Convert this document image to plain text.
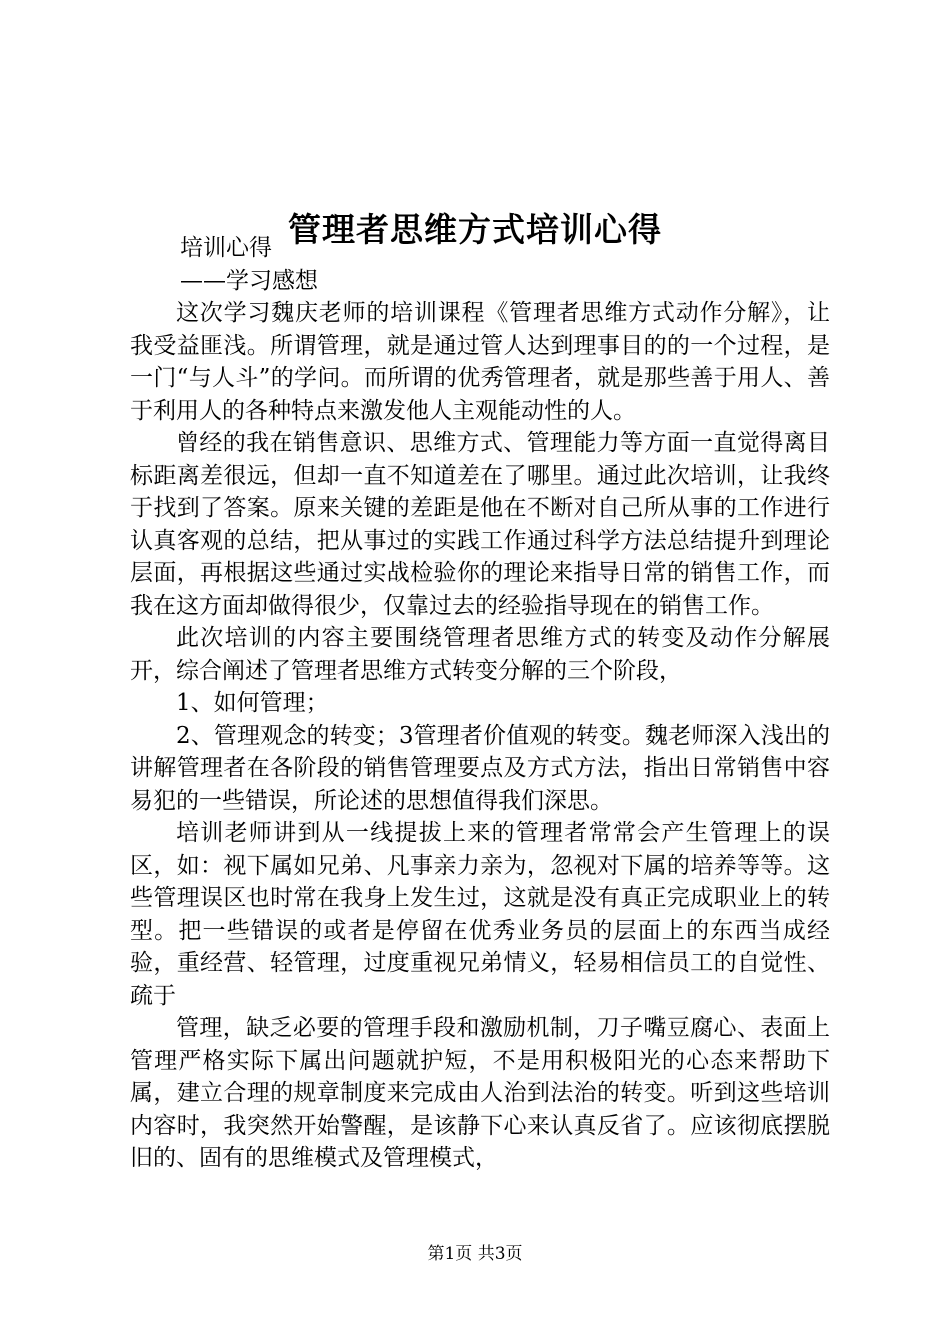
管理者思维方式培训心得

培训心得

——学习感想

这次学习魏庆老师的培训课程《管理者思维方式动作分解》，让我受益匪浅。所谓管理，就是通过管人达到理事目的的一个过程，是一门“与人斗”的学问。而所谓的优秀管理者，就是那些善于用人、善于利用人的各种特点来激发他人主观能动性的人。

曾经的我在销售意识、思维方式、管理能力等方面一直觉得离目标距离差很远，但却一直不知道差在了哪里。通过此次培训，让我终于找到了答案。原来关键的差距是他在不断对自己所从事的工作进行认真客观的总结，把从事过的实践工作通过科学方法总结提升到理论层面，再根据这些通过实战检验你的理论来指导日常的销售工作，而我在这方面却做得很少，仅靠过去的经验指导现在的销售工作。

此次培训的内容主要围绕管理者思维方式的转变及动作分解展开，综合阐述了管理者思维方式转变分解的三个阶段，

1、如何管理；

2、管理观念的转变；3管理者价值观的转变。魏老师深入浅出的讲解管理者在各阶段的销售管理要点及方式方法，指出日常销售中容易犯的一些错误，所论述的思想值得我们深思。

培训老师讲到从一线提拔上来的管理者常常会产生管理上的误区，如：视下属如兄弟、凡事亲力亲为，忽视对下属的培养等等。这些管理误区也时常在我身上发生过，这就是没有真正完成职业上的转型。把一些错误的或者是停留在优秀业务员的层面上的东西当成经验，重经营、轻管理，过度重视兄弟情义，轻易相信员工的自觉性、疏于

管理，缺乏必要的管理手段和激励机制，刀子嘴豆腐心、表面上管理严格实际下属出问题就护短，不是用积极阳光的心态来帮助下属，建立合理的规章制度来完成由人治到法治的转变。听到这些培训内容时，我突然开始警醒，是该静下心来认真反省了。应该彻底摆脱旧的、固有的思维模式及管理模式，

第1页 共3页
